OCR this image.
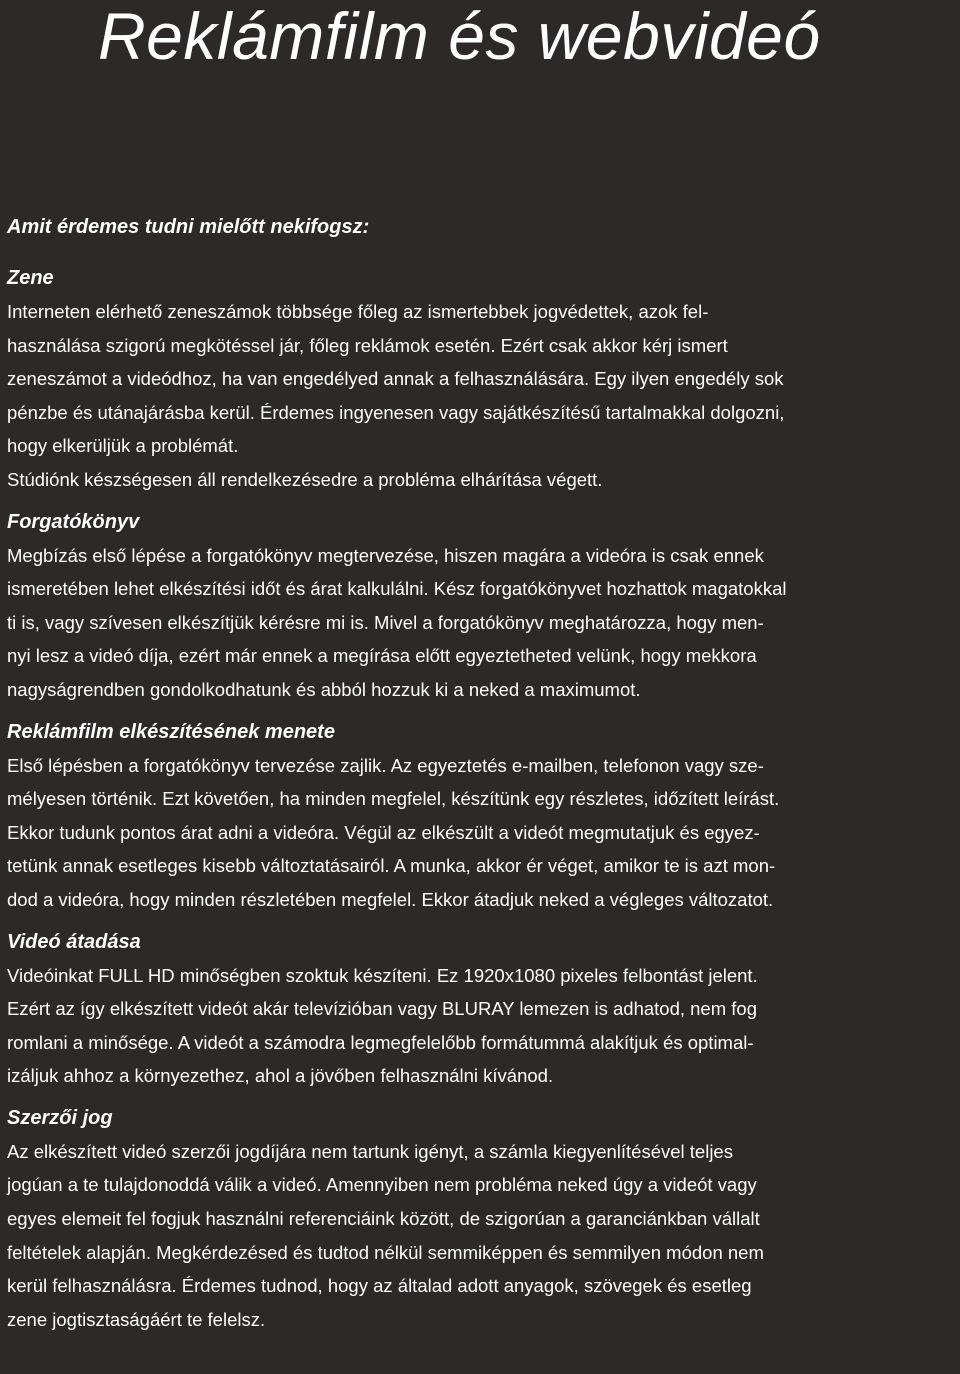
Reklámfilm és webvideó

Amit érdemes tudni mielőtt nekifogsz:

Zene
Interneten elérhető zeneszámok többsége főleg az ismertebbek jogvédettek, azok fel-
használása szigorú megkötéssel jár, főleg reklámok esetén. Ezért csak akkor kérj ismert
zeneszámot a videódhoz, ha van engedélyed annak a felhasználására. Egy ilyen engedély sok
pénzbe és utánajárásba kerül. Érdemes ingyenesen vagy sajátkészítésű tartalmakkal dolgozni,
hogy elkerüljük a problémát.
Stúdiónk készségesen áll rendelkezésedre a probléma elhárítása végett.
Forgatókönyv
Megbízás első lépése a forgatókönyv megtervezése, hiszen magára a videóra is csak ennek
ismeretében lehet elkészítési időt és árat kalkulálni. Kész forgatókönyvet hozhattok magatokkal
ti is, vagy szívesen elkészítjük kérésre mi is. Mivel a forgatókönyv meghatározza, hogy men-
nyi lesz a videó díja, ezért már ennek a megírása előtt egyeztetheted velünk, hogy mekkora
nagyságrendben gondolkodhatunk és abból hozzuk ki a neked a maximumot.
Reklámfilm elkészítésének menete
Első lépésben a forgatókönyv tervezése zajlik. Az egyeztetés e-mailben, telefonon vagy sze-
mélyesen történik. Ezt követően, ha minden megfelel, készítünk egy részletes, időzített leírást.
Ekkor tudunk pontos árat adni a videóra. Végül az elkészült a videót megmutatjuk és egyez-
tetünk annak esetleges kisebb változtatásairól. A munka, akkor ér véget, amikor te is azt mon-
dod a videóra, hogy minden részletében megfelel. Ekkor átadjuk neked a végleges változatot.
Videó átadása
Videóinkat FULL HD minőségben szoktuk készíteni. Ez 1920x1080 pixeles felbontást jelent.
Ezért az így elkészített videót akár televízióban vagy BLURAY lemezen is adhatod, nem fog
romlani a minősége. A videót a számodra legmegfelelőbb formátummá alakítjuk és optimal-
izáljuk ahhoz a környezethez, ahol a jövőben felhasználni kívánod.
Szerzői jog
Az elkészített videó szerzői jogdíjára nem tartunk igényt, a számla kiegyenlítésével teljes
jogúan a te tulajdonoddá válik a videó. Amennyiben nem probléma neked úgy a videót vagy
egyes elemeit fel fogjuk használni referenciáink között, de szigorúan a garanciánkban vállalt
feltételek alapján. Megkérdezésed és tudtod nélkül semmiképpen és semmilyen módon nem
kerül felhasználásra. Érdemes tudnod, hogy az általad adott anyagok, szövegek és esetleg
zene jogtisztaságáért te felelsz.
